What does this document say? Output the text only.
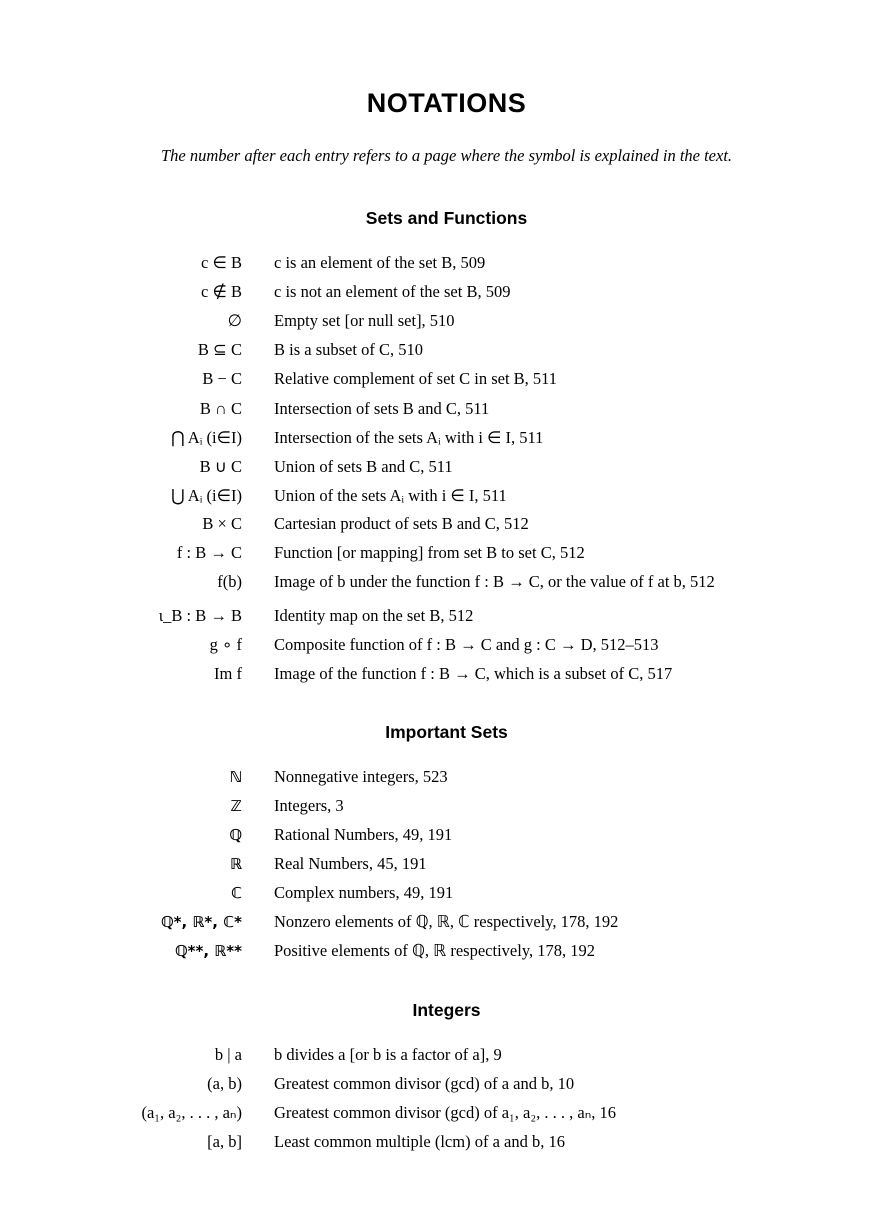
NOTATIONS
The number after each entry refers to a page where the symbol is explained in the text.
Sets and Functions
c ∈ B c is an element of the set B, 509
c ∉ B c is not an element of the set B, 509
∅ Empty set [or null set], 510
B ⊆ C B is a subset of C, 510
B − C Relative complement of set C in set B, 511
B ∩ C Intersection of sets B and C, 511
⋂ Aᵢ (i∈I) Intersection of the sets Aᵢ with i ∈ I, 511
B ∪ C Union of sets B and C, 511
⋃ Aᵢ (i∈I) Union of the sets Aᵢ with i ∈ I, 511
B × C Cartesian product of sets B and C, 512
f : B → C Function [or mapping] from set B to set C, 512
f(b) Image of b under the function f : B → C, or the value of f at b, 512
ι_B : B → B Identity map on the set B, 512
g ∘ f Composite function of f : B → C and g : C → D, 512–513
Im f Image of the function f : B → C, which is a subset of C, 517
Important Sets
ℕ Nonnegative integers, 523
ℤ Integers, 3
ℚ Rational Numbers, 49, 191
ℝ Real Numbers, 45, 191
ℂ Complex numbers, 49, 191
ℚ*, ℝ*, ℂ* Nonzero elements of ℚ, ℝ, ℂ respectively, 178, 192
ℚ**, ℝ** Positive elements of ℚ, ℝ respectively, 178, 192
Integers
b | a b divides a [or b is a factor of a], 9
(a, b) Greatest common divisor (gcd) of a and b, 10
(a₁, a₂, . . . , aₙ) Greatest common divisor (gcd) of a₁, a₂, . . . , aₙ, 16
[a, b] Least common multiple (lcm) of a and b, 16
